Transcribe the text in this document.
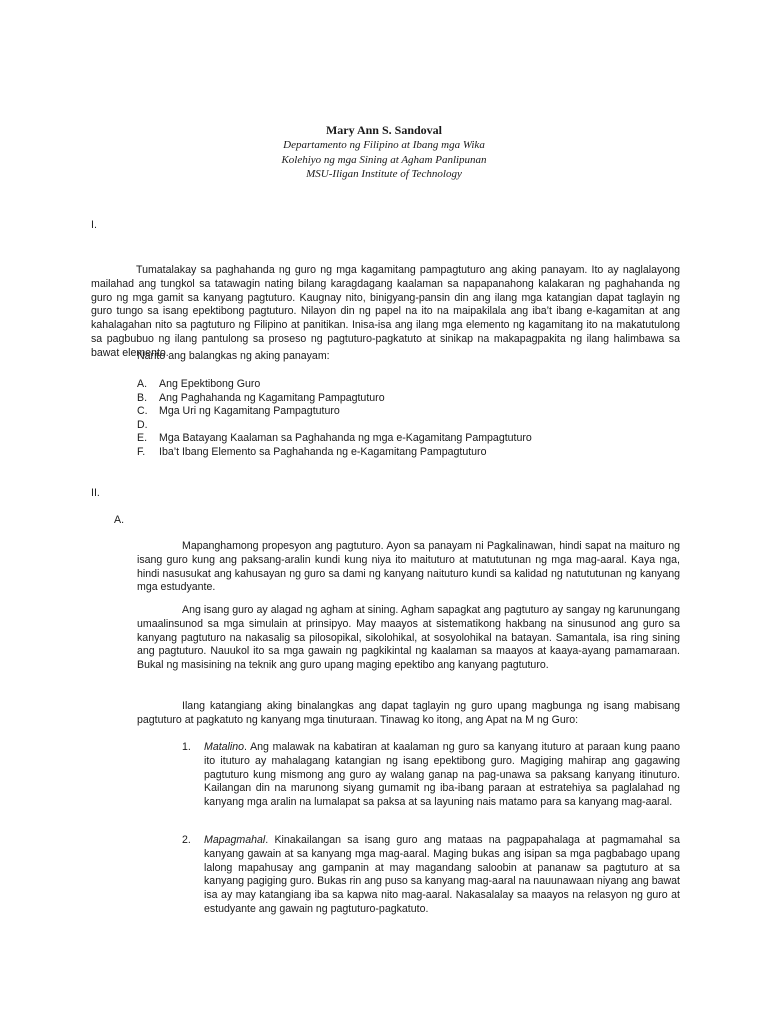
Mary Ann S. Sandoval
Departamento ng Filipino at Ibang mga Wika
Kolehiyo ng mga Sining at Agham Panlipunan
MSU-Iligan Institute of Technology
I.
Tumatalakay sa paghahanda ng guro ng mga kagamitang pampagtuturo ang aking panayam. Ito ay naglalayong mailahad ang tungkol sa tatawagin nating bilang karagdagang kaalaman sa napapanahong kalakaran ng paghahanda ng guro ng mga gamit sa kanyang pagtuturo. Kaugnay nito, binigyang-pansin din ang ilang mga katangian dapat taglayin ng guro tungo sa isang epektibong pagtuturo. Nilayon din ng papel na ito na maipakilala ang iba’t ibang e-kagamitan at ang kahalagahan nito sa pagtuturo ng Filipino at panitikan. Inisa-isa ang ilang mga elemento ng kagamitang ito na makatutulong sa pagbubuo ng ilang pantulong sa proseso ng pagtuturo-pagkatuto at sinikap na makapagpakita ng ilang halimbawa sa bawat elemento.
Narito ang balangkas ng aking panayam:
A.	Ang Epektibong Guro
B.	Ang Paghahanda ng Kagamitang Pampagtuturo
C.	Mga Uri ng Kagamitang Pampagtuturo
D.
E.	Mga Batayang Kaalaman sa Paghahanda ng mga e-Kagamitang Pampagtuturo
F.	Iba’t Ibang Elemento sa Paghahanda ng e-Kagamitang Pampagtuturo
II.
A.
Mapanghamong propesyon ang pagtuturo. Ayon sa panayam ni Pagkalinawan, hindi sapat na maituro ng isang guro kung ang paksang-aralin kundi kung niya ito maituturo at matututunan ng mga mag-aaral. Kaya nga, hindi nasusukat ang kahusayan ng guro sa dami ng kanyang naituturo kundi sa kalidad ng natututunan ng kanyang mga estudyante.
Ang isang guro ay alagad ng agham at sining. Agham sapagkat ang pagtuturo ay sangay ng karunungang umaalinsunod sa mga simulain at prinsipyo. May maayos at sistematikong hakbang na sinusunod ang guro sa kanyang pagtuturo na nakasalig sa pilosopikal, sikolohikal, at sosyolohikal na batayan. Samantala, isa ring sining ang pagtuturo. Nauukol ito sa mga gawain ng pagkikintal ng kaalaman sa maayos at kaaya-ayang pamamaraan. Bukal ng masisining na teknik ang guro upang maging epektibo ang kanyang pagtuturo.
Ilang katangiang aking binalangkas ang dapat taglayin ng guro upang magbunga ng isang mabisang pagtuturo at pagkatuto ng kanyang mga tinuturaan. Tinawag ko itong, ang Apat na M ng Guro:
1. Matalino. Ang malawak na kabatiran at kaalaman ng guro sa kanyang ituturo at paraan kung paano ito ituturo ay mahalagang katangian ng isang epektibong guro. Magiging mahirap ang gagawing pagtuturo kung mismong ang guro ay walang ganap na pag-unawa sa paksang kanyang itinuturo. Kailangan din na marunong siyang gumamit ng iba-ibang paraan at estratehiya sa paglalahad ng kanyang mga aralin na lumalapat sa paksa at sa layuning nais matamo para sa kanyang mag-aaral.
2. Mapagmahal. Kinakailangan sa isang guro ang mataas na pagpapahalaga at pagmamahal sa kanyang gawain at sa kanyang mga mag-aaral. Maging bukas ang isipan sa mga pagbabago upang lalong mapahusay ang gampanin at may magandang saloobin at pananaw sa pagtuturo at sa kanyang pagiging guro. Bukas rin ang puso sa kanyang mag-aaral na nauunawaan niyang ang bawat isa ay may katangiang iba sa kapwa nito mag-aaral. Nakasalalay sa maayos na relasyon ng guro at estudyante ang gawain ng pagtuturo-pagkatuto.
